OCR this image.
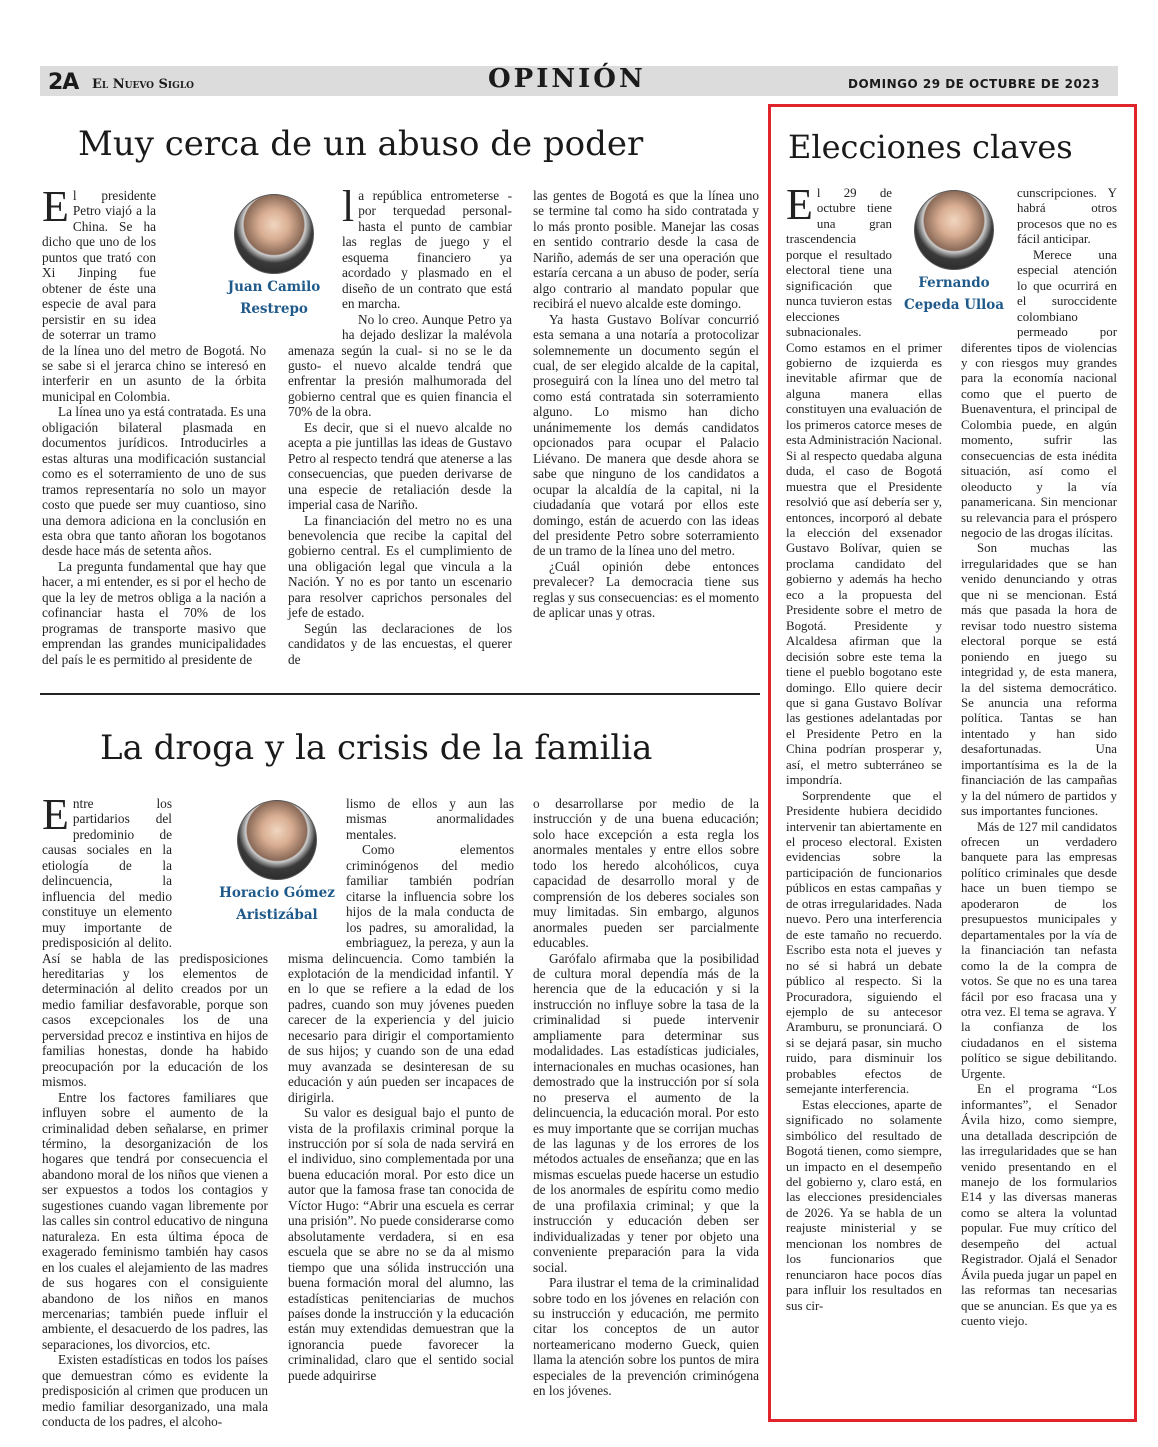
2A El Nuevo Siglo	OPINIÓN	DOMINGO 29 DE OCTUBRE DE 2023
Muy cerca de un abuso de poder

El presidente Petro viajó a la China. Se ha dicho que uno de los puntos que trató con Xi Jinping fue obtener de éste una especie de aval para persistir en su idea de soterrar un tramo de la línea uno del metro de Bogotá. No se sabe si el jerarca chino se interesó en interferir en un asunto de la órbita municipal en Colombia.

La línea uno ya está contratada. Es una obligación bilateral plasmada en documentos jurídicos. Introducirles a estas alturas una modificación sustancial como es el soterramiento de uno de sus tramos representaría no solo un mayor costo que puede ser muy cuantioso, sino una demora adiciona en la conclusión en esta obra que tanto añoran los bogotanos desde hace más de setenta años.

La pregunta fundamental que hay que hacer, a mi entender, es si por el hecho de que la ley de metros obliga a la nación a cofinanciar hasta el 70% de los programas de transporte masivo que emprendan las grandes municipalidades del país le es permitido al presidente de

Juan Camilo
Restrepo

la república entrometerse -por terquedad personal- hasta el punto de cambiar las reglas de juego y el esquema financiero ya acordado y plasmado en el diseño de un contrato que está en marcha.

No lo creo. Aunque Petro ya ha dejado deslizar la malévola amenaza según la cual- si no se le da gusto- el nuevo alcalde tendrá que enfrentar la presión malhumorada del gobierno central que es quien financia el 70% de la obra.

Es decir, que si el nuevo alcalde no acepta a pie juntillas las ideas de Gustavo Petro al respecto tendrá que atenerse a las consecuencias, que pueden derivarse de una especie de retaliación desde la imperial casa de Nariño.

La financiación del metro no es una benevolencia que recibe la capital del gobierno central. Es el cumplimiento de una obligación legal que vincula a la Nación. Y no es por tanto un escenario para resolver caprichos personales del jefe de estado.

Según las declaraciones de los candidatos y de las encuestas, el querer de

las gentes de Bogotá es que la línea uno se termine tal como ha sido contratada y lo más pronto posible. Manejar las cosas en sentido contrario desde la casa de Nariño, además de ser una operación que estaría cercana a un abuso de poder, sería algo contrario al mandato popular que recibirá el nuevo alcalde este domingo.

Ya hasta Gustavo Bolívar concurrió esta semana a una notaría a protocolizar solemnemente un documento según el cual, de ser elegido alcalde de la capital, proseguirá con la línea uno del metro tal como está contratada sin soterramiento alguno. Lo mismo han dicho unánimemente los demás candidatos opcionados para ocupar el Palacio Liévano. De manera que desde ahora se sabe que ninguno de los candidatos a ocupar la alcaldía de la capital, ni la ciudadanía que votará por ellos este domingo, están de acuerdo con las ideas del presidente Petro sobre soterramiento de un tramo de la línea uno del metro.

¿Cuál opinión debe entonces prevalecer? La democracia tiene sus reglas y sus consecuencias: es el momento de aplicar unas y otras.

La droga y la crisis de la familia

Entre los partidarios del predominio de causas sociales en la etiología de la delincuencia, la influencia del medio constituye un elemento muy importante de predisposición al delito. Así se habla de las predisposiciones hereditarias y los elementos de determinación al delito creados por un medio familiar desfavorable, porque son casos excepcionales los de una perversidad precoz e instintiva en hijos de familias honestas, donde ha habido preocupación por la educación de los mismos.

Entre los factores familiares que influyen sobre el aumento de la criminalidad deben señalarse, en primer término, la desorganización de los hogares que tendrá por consecuencia el abandono moral de los niños que vienen a ser expuestos a todos los contagios y sugestiones cuando vagan libremente por las calles sin control educativo de ninguna naturaleza. En esta última época de exagerado feminismo también hay casos en los cuales el alejamiento de las madres de sus hogares con el consiguiente abandono de los niños en manos mercenarias; también puede influir el ambiente, el desacuerdo de los padres, las separaciones, los divorcios, etc.

Existen estadísticas en todos los países que demuestran cómo es evidente la predisposición al crimen que producen un medio familiar desorganizado, una mala conducta de los padres, el alcoho-

Horacio Gómez
Aristizábal

lismo de ellos y aun las mismas anormalidades mentales.

Como elementos criminógenos del medio familiar también podrían citarse la influencia sobre los hijos de la mala conducta de los padres, su amoralidad, la embriaguez, la pereza, y aun la misma delincuencia. Como también la explotación de la mendicidad infantil. Y en lo que se refiere a la edad de los padres, cuando son muy jóvenes pueden carecer de la experiencia y del juicio necesario para dirigir el comportamiento de sus hijos; y cuando son de una edad muy avanzada se desinteresan de su educación y aún pueden ser incapaces de dirigirla.

Su valor es desigual bajo el punto de vista de la profilaxis criminal porque la instrucción por sí sola de nada servirá en el individuo, sino complementada por una buena educación moral. Por esto dice un autor que la famosa frase tan conocida de Víctor Hugo: “Abrir una escuela es cerrar una prisión”. No puede considerarse como absolutamente verdadera, si en esa escuela que se abre no se da al mismo tiempo que una sólida instrucción una buena formación moral del alumno, las estadísticas penitenciarias de muchos países donde la instrucción y la educación están muy extendidas demuestran que la ignorancia puede favorecer la criminalidad, claro que el sentido social puede adquirirse

o desarrollarse por medio de la instrucción y de una buena educación; solo hace excepción a esta regla los anormales mentales y entre ellos sobre todo los heredo alcohólicos, cuya capacidad de desarrollo moral y de comprensión de los deberes sociales son muy limitadas. Sin embargo, algunos anormales pueden ser parcialmente educables.

Garófalo afirmaba que la posibilidad de cultura moral dependía más de la herencia que de la educación y si la instrucción no influye sobre la tasa de la criminalidad si puede intervenir ampliamente para determinar sus modalidades. Las estadísticas judiciales, internacionales en muchas ocasiones, han demostrado que la instrucción por sí sola no preserva el aumento de la delincuencia, la educación moral. Por esto es muy importante que se corrijan muchas de las lagunas y de los errores de los métodos actuales de enseñanza; que en las mismas escuelas puede hacerse un estudio de los anormales de espíritu como medio de una profilaxia criminal; y que la instrucción y educación deben ser individualizadas y tener por objeto una conveniente preparación para la vida social.

Para ilustrar el tema de la criminalidad sobre todo en los jóvenes en relación con su instrucción y educación, me permito citar los conceptos de un autor norteamericano moderno Gueck, quien llama la atención sobre los puntos de mira especiales de la prevención criminógena en los jóvenes.

Elecciones claves

El 29 de octubre tiene una gran trascendencia porque el resultado electoral tiene una significación que nunca tuvieron estas elecciones subnacionales. Como estamos en el primer gobierno de izquierda es inevitable afirmar que de alguna manera ellas constituyen una evaluación de los primeros catorce meses de esta Administración Nacional. Si al respecto quedaba alguna duda, el caso de Bogotá muestra que el Presidente resolvió que así debería ser y, entonces, incorporó al debate la elección del exsenador Gustavo Bolívar, quien se proclama candidato del gobierno y además ha hecho eco a la propuesta del Presidente sobre el metro de Bogotá. Presidente y Alcaldesa afirman que la decisión sobre este tema la tiene el pueblo bogotano este domingo. Ello quiere decir que si gana Gustavo Bolívar las gestiones adelantadas por el Presidente Petro en la China podrían prosperar y, así, el metro subterráneo se impondría.

Sorprendente que el Presidente hubiera decidido intervenir tan abiertamente en el proceso electoral. Existen evidencias sobre la participación de funcionarios públicos en estas campañas y de otras irregularidades. Nada nuevo. Pero una interferencia de este tamaño no recuerdo. Escribo esta nota el jueves y no sé si habrá un debate público al respecto. Si la Procuradora, siguiendo el ejemplo de su antecesor Aramburu, se pronunciará. O si se dejará pasar, sin mucho ruido, para disminuir los probables efectos de semejante interferencia.

Estas elecciones, aparte de significado no solamente simbólico del resultado de Bogotá tienen, como siempre, un impacto en el desempeño del gobierno y, claro está, en las elecciones presidenciales de 2026. Ya se habla de un reajuste ministerial y se mencionan los nombres de los funcionarios que renunciaron hace pocos días para influir los resultados en sus cir-

Fernando
Cepeda Ulloa

cunscripciones. Y habrá otros procesos que no es fácil anticipar.

Merece una especial atención lo que ocurrirá en el suroccidente colombiano permeado por diferentes tipos de violencias y con riesgos muy grandes para la economía nacional como que el puerto de Buenaventura, el principal de Colombia puede, en algún momento, sufrir las consecuencias de esta inédita situación, así como el oleoducto y la vía panamericana. Sin mencionar su relevancia para el próspero negocio de las drogas ilícitas.

Son muchas las irregularidades que se han venido denunciando y otras que ni se mencionan. Está más que pasada la hora de revisar todo nuestro sistema electoral porque se está poniendo en juego su integridad y, de esta manera, la del sistema democrático. Se anuncia una reforma política. Tantas se han intentado y han sido desafortunadas. Una importantísima es la de la financiación de las campañas y la del número de partidos y sus importantes funciones.

Más de 127 mil candidatos ofrecen un verdadero banquete para las empresas político criminales que desde hace un buen tiempo se apoderaron de los presupuestos municipales y departamentales por la vía de la financiación tan nefasta como la de la compra de votos. Se que no es una tarea fácil por eso fracasa una y otra vez. El tema se agrava. Y la confianza de los ciudadanos en el sistema político se sigue debilitando. Urgente.

En el programa “Los informantes”, el Senador Ávila hizo, como siempre, una detallada descripción de las irregularidades que se han venido presentando en el manejo de los formularios E14 y las diversas maneras como se altera la voluntad popular. Fue muy crítico del desempeño del actual Registrador. Ojalá el Senador Ávila pueda jugar un papel en las reformas tan necesarias que se anuncian. Es que ya es cuento viejo.
